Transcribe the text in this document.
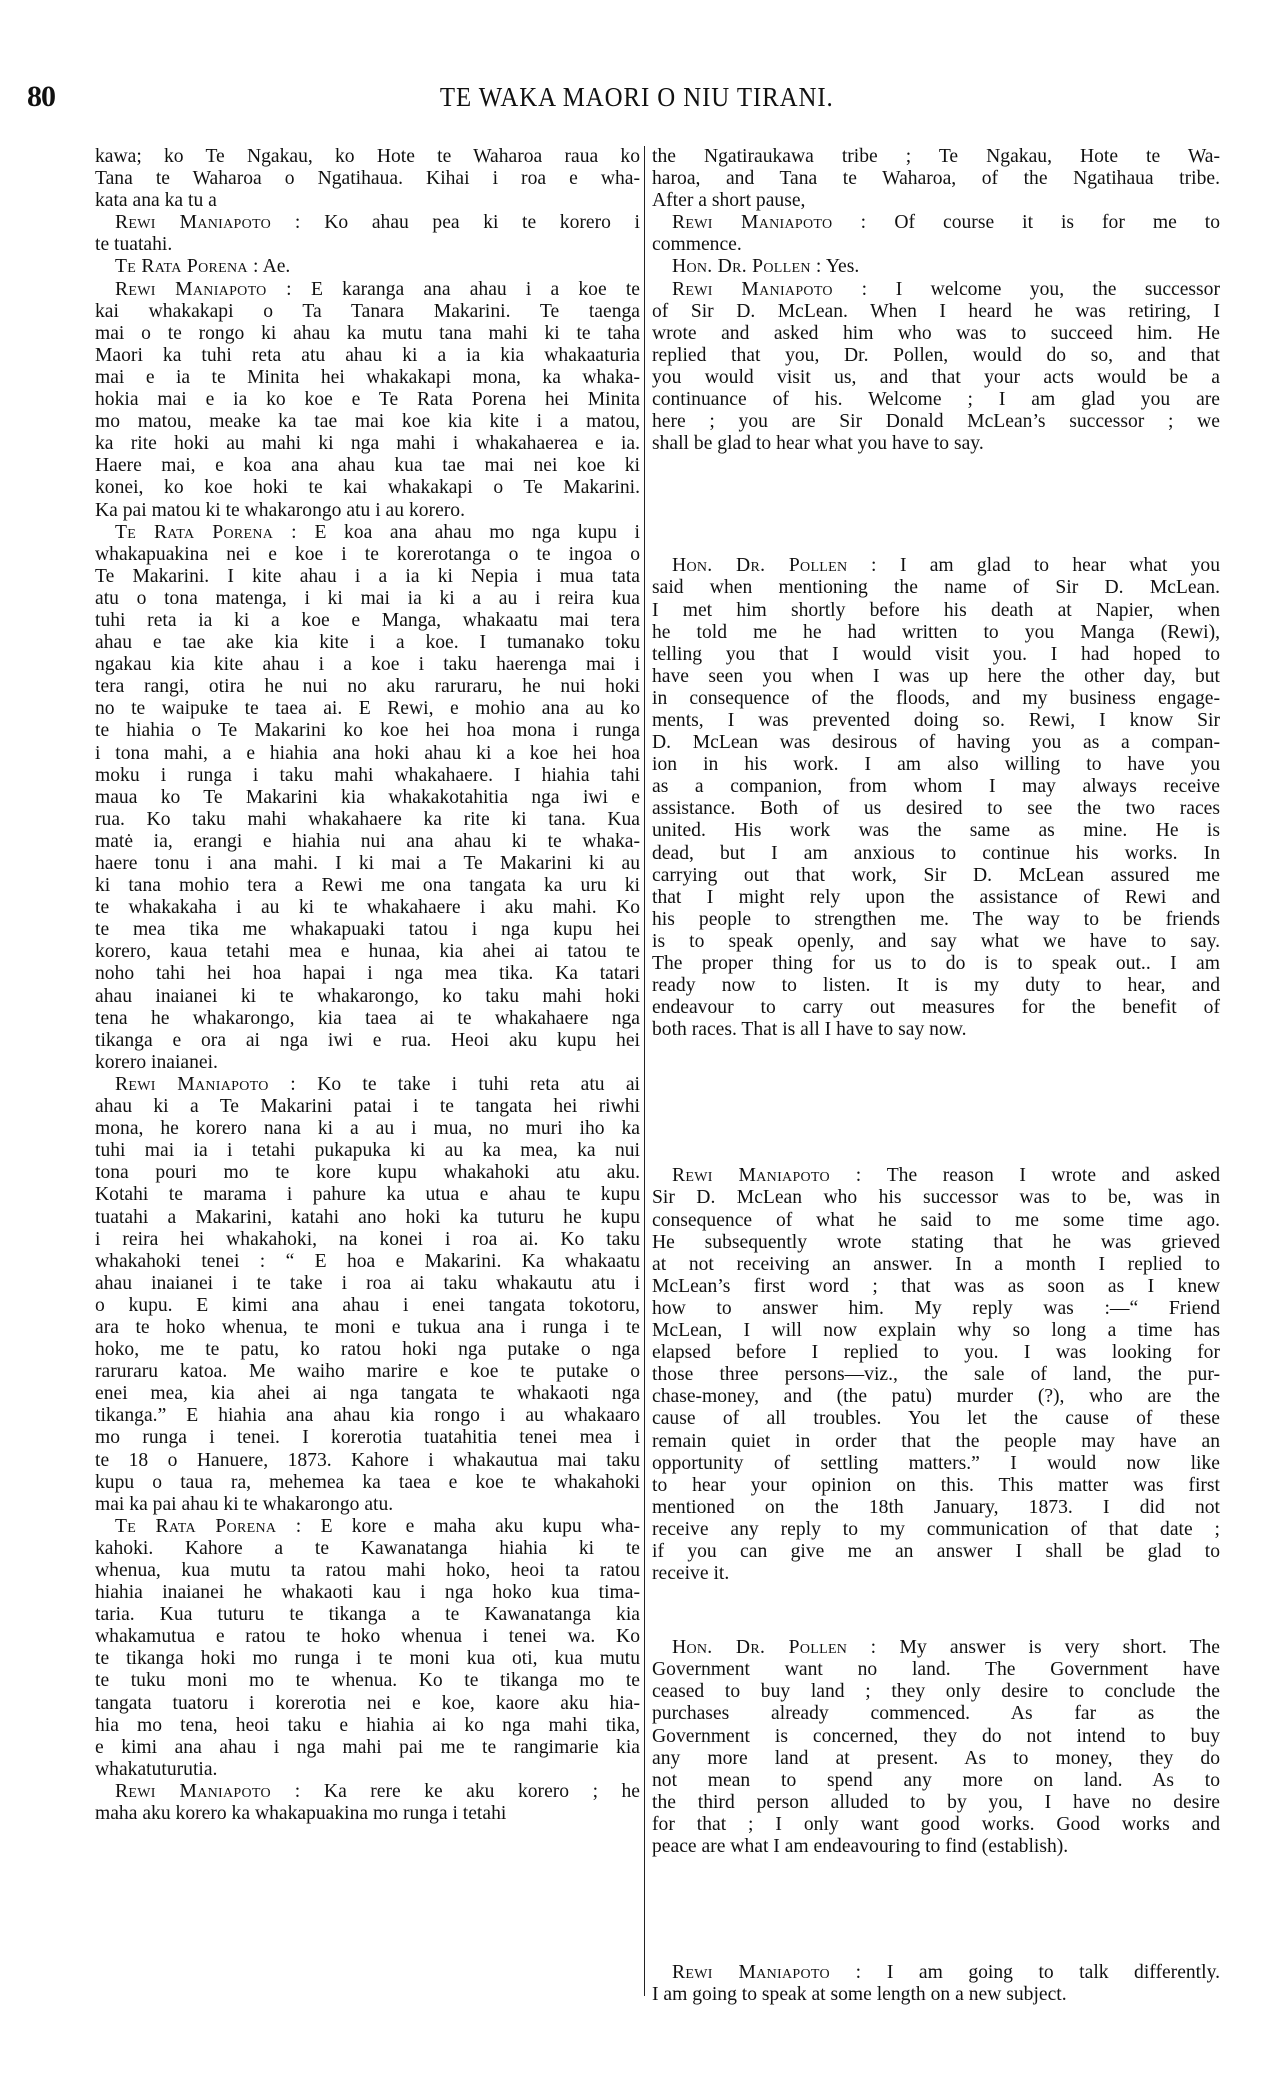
80	TE WAKA MAORI O NIU TIRANI.
kawa; ko Te Ngakau, ko Hote te Waharoa raua ko
Tana te Waharoa o Ngatihaua. Kihai i roa e wha-
kata ana ka tu a
Rewi Maniapoto : Ko ahau pea ki te korero i
te tuatahi.
Te Rata Porena : Ae.
Rewi Maniapoto : E karanga ana ahau i a koe te
kai whakakapi o Ta Tanara Makarini. Te taenga
mai o te rongo ki ahau ka mutu tana mahi ki te taha
Maori ka tuhi reta atu ahau ki a ia kia whakaaturia
mai e ia te Minita hei whakakapi mona, ka whaka-
hokia mai e ia ko koe e Te Rata Porena hei Minita
mo matou, meake ka tae mai koe kia kite i a matou,
ka rite hoki au mahi ki nga mahi i whakahaerea e ia.
Haere mai, e koa ana ahau kua tae mai nei koe ki
konei, ko koe hoki te kai whakakapi o Te Makarini.
Ka pai matou ki te whakarongo atu i au korero.
Te Rata Porena : E koa ana ahau mo nga kupu i
whakapuakina nei e koe i te korerotanga o te ingoa o
Te Makarini. I kite ahau i a ia ki Nepia i mua tata
atu o tona matenga, i ki mai ia ki a au i reira kua
tuhi reta ia ki a koe e Manga, whakaatu mai tera
ahau e tae ake kia kite i a koe. I tumanako toku
ngakau kia kite ahau i a koe i taku haerenga mai i
tera rangi, otira he nui no aku raruraru, he nui hoki
no te waipuke te taea ai. E Rewi, e mohio ana au ko
te hiahia o Te Makarini ko koe hei hoa mona i runga
i tona mahi, a e hiahia ana hoki ahau ki a koe hei hoa
moku i runga i taku mahi whakahaere. I hiahia tahi
maua ko Te Makarini kia whakakotahitia nga iwi e
rua. Ko taku mahi whakahaere ka rite ki tana. Kua
matė ia, erangi e hiahia nui ana ahau ki te whaka-
haere tonu i ana mahi. I ki mai a Te Makarini ki au
ki tana mohio tera a Rewi me ona tangata ka uru ki
te whakakaha i au ki te whakahaere i aku mahi. Ko
te mea tika me whakapuaki tatou i nga kupu hei
korero, kaua tetahi mea e hunaa, kia ahei ai tatou te
noho tahi hei hoa hapai i nga mea tika. Ka tatari
ahau inaianei ki te whakarongo, ko taku mahi hoki
tena he whakarongo, kia taea ai te whakahaere nga
tikanga e ora ai nga iwi e rua. Heoi aku kupu hei
korero inaianei.
Rewi Maniapoto : Ko te take i tuhi reta atu ai
ahau ki a Te Makarini patai i te tangata hei riwhi
mona, he korero nana ki a au i mua, no muri iho ka
tuhi mai ia i tetahi pukapuka ki au ka mea, ka nui
tona pouri mo te kore kupu whakahoki atu aku.
Kotahi te marama i pahure ka utua e ahau te kupu
tuatahi a Makarini, katahi ano hoki ka tuturu he kupu
i reira hei whakahoki, na konei i roa ai. Ko taku
whakahoki tenei : “ E hoa e Makarini. Ka whakaatu
ahau inaianei i te take i roa ai taku whakautu atu i
o kupu. E kimi ana ahau i enei tangata tokotoru,
ara te hoko whenua, te moni e tukua ana i runga i te
hoko, me te patu, ko ratou hoki nga putake o nga
raruraru katoa. Me waiho marire e koe te putake o
enei mea, kia ahei ai nga tangata te whakaoti nga
tikanga.” E hiahia ana ahau kia rongo i au whakaaro
mo runga i tenei. I korerotia tuatahitia tenei mea i
te 18 o Hanuere, 1873. Kahore i whakautua mai taku
kupu o taua ra, mehemea ka taea e koe te whakahoki
mai ka pai ahau ki te whakarongo atu.
Te Rata Porena : E kore e maha aku kupu wha-
kahoki. Kahore a te Kawanatanga hiahia ki te
whenua, kua mutu ta ratou mahi hoko, heoi ta ratou
hiahia inaianei he whakaoti kau i nga hoko kua tima-
taria. Kua tuturu te tikanga a te Kawanatanga kia
whakamutua e ratou te hoko whenua i tenei wa. Ko
te tikanga hoki mo runga i te moni kua oti, kua mutu
te tuku moni mo te whenua. Ko te tikanga mo te
tangata tuatoru i korerotia nei e koe, kaore aku hia-
hia mo tena, heoi taku e hiahia ai ko nga mahi tika,
e kimi ana ahau i nga mahi pai me te rangimarie kia
whakatuturutia.
Rewi Maniapoto : Ka rere ke aku korero ; he
maha aku korero ka whakapuakina mo runga i tetahi
the Ngatiraukawa tribe ; Te Ngakau, Hote te Wa-
haroa, and Tana te Waharoa, of the Ngatihaua tribe.
After a short pause,
Rewi Maniapoto : Of course it is for me to
commence.
Hon. Dr. Pollen : Yes.
Rewi Maniapoto : I welcome you, the successor
of Sir D. McLean. When I heard he was retiring, I
wrote and asked him who was to succeed him. He
replied that you, Dr. Pollen, would do so, and that
you would visit us, and that your acts would be a
continuance of his. Welcome ; I am glad you are
here ; you are Sir Donald McLean’s successor ; we
shall be glad to hear what you have to say.
Hon. Dr. Pollen : I am glad to hear what you
said when mentioning the name of Sir D. McLean.
I met him shortly before his death at Napier, when
he told me he had written to you Manga (Rewi),
telling you that I would visit you. I had hoped to
have seen you when I was up here the other day, but
in consequence of the floods, and my business engage-
ments, I was prevented doing so. Rewi, I know Sir
D. McLean was desirous of having you as a compan-
ion in his work. I am also willing to have you
as a companion, from whom I may always receive
assistance. Both of us desired to see the two races
united. His work was the same as mine. He is
dead, but I am anxious to continue his works. In
carrying out that work, Sir D. McLean assured me
that I might rely upon the assistance of Rewi and
his people to strengthen me. The way to be friends
is to speak openly, and say what we have to say.
The proper thing for us to do is to speak out.. I am
ready now to listen. It is my duty to hear, and
endeavour to carry out measures for the benefit of
both races. That is all I have to say now.
Rewi Maniapoto : The reason I wrote and asked
Sir D. McLean who his successor was to be, was in
consequence of what he said to me some time ago.
He subsequently wrote stating that he was grieved
at not receiving an answer. In a month I replied to
McLean’s first word ; that was as soon as I knew
how to answer him. My reply was :—“ Friend
McLean, I will now explain why so long a time has
elapsed before I replied to you. I was looking for
those three persons—viz., the sale of land, the pur-
chase-money, and (the patu) murder (?), who are the
cause of all troubles. You let the cause of these
remain quiet in order that the people may have an
opportunity of settling matters.” I would now like
to hear your opinion on this. This matter was first
mentioned on the 18th January, 1873. I did not
receive any reply to my communication of that date ;
if you can give me an answer I shall be glad to
receive it.
Hon. Dr. Pollen : My answer is very short. The
Government want no land. The Government have
ceased to buy land ; they only desire to conclude the
purchases already commenced. As far as the
Government is concerned, they do not intend to buy
any more land at present. As to money, they do
not mean to spend any more on land. As to
the third person alluded to by you, I have no desire
for that ; I only want good works. Good works and
peace are what I am endeavouring to find (establish).
Rewi Maniapoto : I am going to talk differently.
I am going to speak at some length on a new subject.
